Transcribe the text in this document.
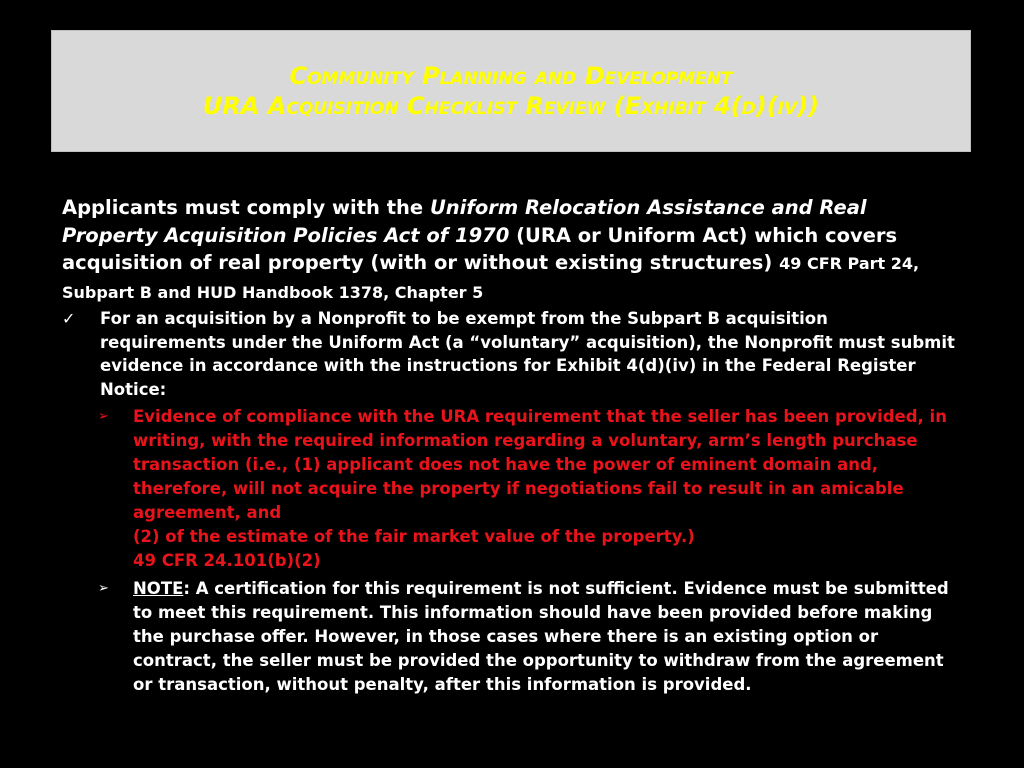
Community Planning and Development
URA Acquisition Checklist Review (Exhibit 4(d)(iv))

Applicants must comply with the Uniform Relocation Assistance and Real Property Acquisition Policies Act of 1970 (URA or Uniform Act) which covers acquisition of real property (with or without existing structures) 49 CFR Part 24, Subpart B and HUD Handbook 1378, Chapter 5

✓ For an acquisition by a Nonprofit to be exempt from the Subpart B acquisition requirements under the Uniform Act (a “voluntary” acquisition), the Nonprofit must submit evidence in accordance with the instructions for Exhibit 4(d)(iv) in the Federal Register Notice:
➢ Evidence of compliance with the URA requirement that the seller has been provided, in writing, with the required information regarding a voluntary, arm’s length purchase transaction (i.e., (1) applicant does not have the power of eminent domain and, therefore, will not acquire the property if negotiations fail to result in an amicable agreement, and
(2) of the estimate of the fair market value of the property.)
49 CFR 24.101(b)(2)
➢ NOTE: A certification for this requirement is not sufficient. Evidence must be submitted to meet this requirement. This information should have been provided before making the purchase offer. However, in those cases where there is an existing option or contract, the seller must be provided the opportunity to withdraw from the agreement or transaction, without penalty, after this information is provided.
